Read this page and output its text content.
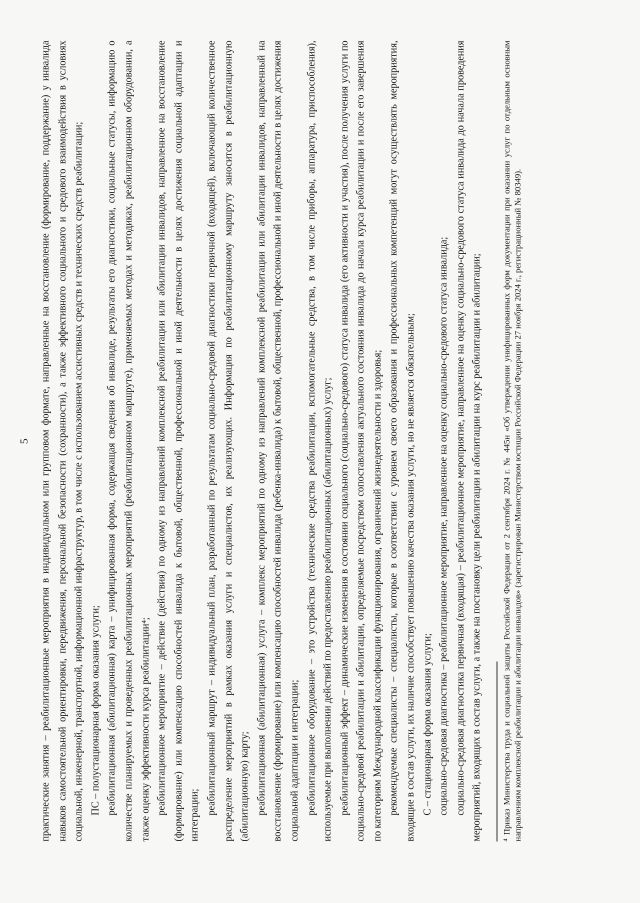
5 практические занятия – реабилитационные мероприятия в индивидуальном или групповом формате, направленные на восстановление (формирование, поддержание) у инвалида навыков самостоятельной ориентировки, передвижения, персональной безопасности (сохранности), а также эффективного социального и средового взаимодействия в условиях социальной, инженерной, транспортной, информационной инфраструктур, в том числе с использованием ассистивных средств и технических средств реабилитации; ПС – полустационарная форма оказания услуги; реабилитационная (абилитационная) карта – унифицированная форма, содержащая сведения об инвалиде, результаты его диагностики, социальные статусы, информацию о количестве планируемых и проведенных реабилитационных мероприятий (реабилитационном маршруте), применяемых методах и методиках, реабилитационном оборудовании, а также оценку эффективности курса реабилитации⁴; реабилитационное мероприятие – действие (действия) по одному из направлений комплексной реабилитации или абилитации инвалидов, направленное на восстановление (формирование) или компенсацию способностей инвалида к бытовой, общественной, профессиональной и иной деятельности в целях достижения социальной адаптации и интеграции; реабилитационный маршрут – индивидуальный план, разработанный по результатам социально-средовой диагностики первичной (входящей), включающий количественное распределение мероприятий в рамках оказания услуги и специалистов, их реализующих. Информация по реабилитационному маршруту заносится в реабилитационную (абилитационную) карту; реабилитационная (абилитационная) услуга – комплекс мероприятий по одному из направлений комплексной реабилитации или абилитации инвалидов, направленный на восстановление (формирование) или компенсацию способностей инвалида (ребенка-инвалида) к бытовой, общественной, профессиональной и иной деятельности в целях достижения социальной адаптации и интеграции; реабилитационное оборудование – это устройства (технические средства реабилитации, вспомогательные средства, в том числе приборы, аппаратура, приспособления), используемые при выполнении действий по предоставлению реабилитационных (абилитационных) услуг; реабилитационный эффект – динамические изменения в состоянии социального (социально-средового) статуса инвалида (его активности и участия), после получения услуги по социально-средовой реабилитации и абилитации, определяемые посредством сопоставления актуального состояния инвалида до начала курса реабилитации и после его завершения по категориям Международной классификации функционирования, ограничений жизнедеятельности и здоровья; рекомендуемые специалисты – специалисты, которые в соответствии с уровнем своего образования и профессиональных компетенций могут осуществлять мероприятия, входящие в состав услуги, их наличие способствует повышению качества оказания услуги, но не является обязательным; С – стационарная форма оказания услуги; социально-средовая диагностика – реабилитационное мероприятие, направленное на оценку социально-средового статуса инвалида; социально-средовая диагностика первичная (входящая) – реабилитационное мероприятие, направленное на оценку социально-средового статуса инвалида до начала проведения мероприятий, входящих в состав услуги, а также на постановку цели реабилитации и абилитации на курс реабилитации и абилитации;	⁴ Приказ Министерства труда и социальной защиты Российской Федерации от 2 сентября 2024 г. № 445н «Об утверждении унифицированных форм документации при оказании услуг по отдельным основным направлениям комплексной реабилитации и абилитации инвалидов» (зарегистрирован Министерством юстиции Российской Федерации 27 ноября 2024 г., регистрационный № 80349).
